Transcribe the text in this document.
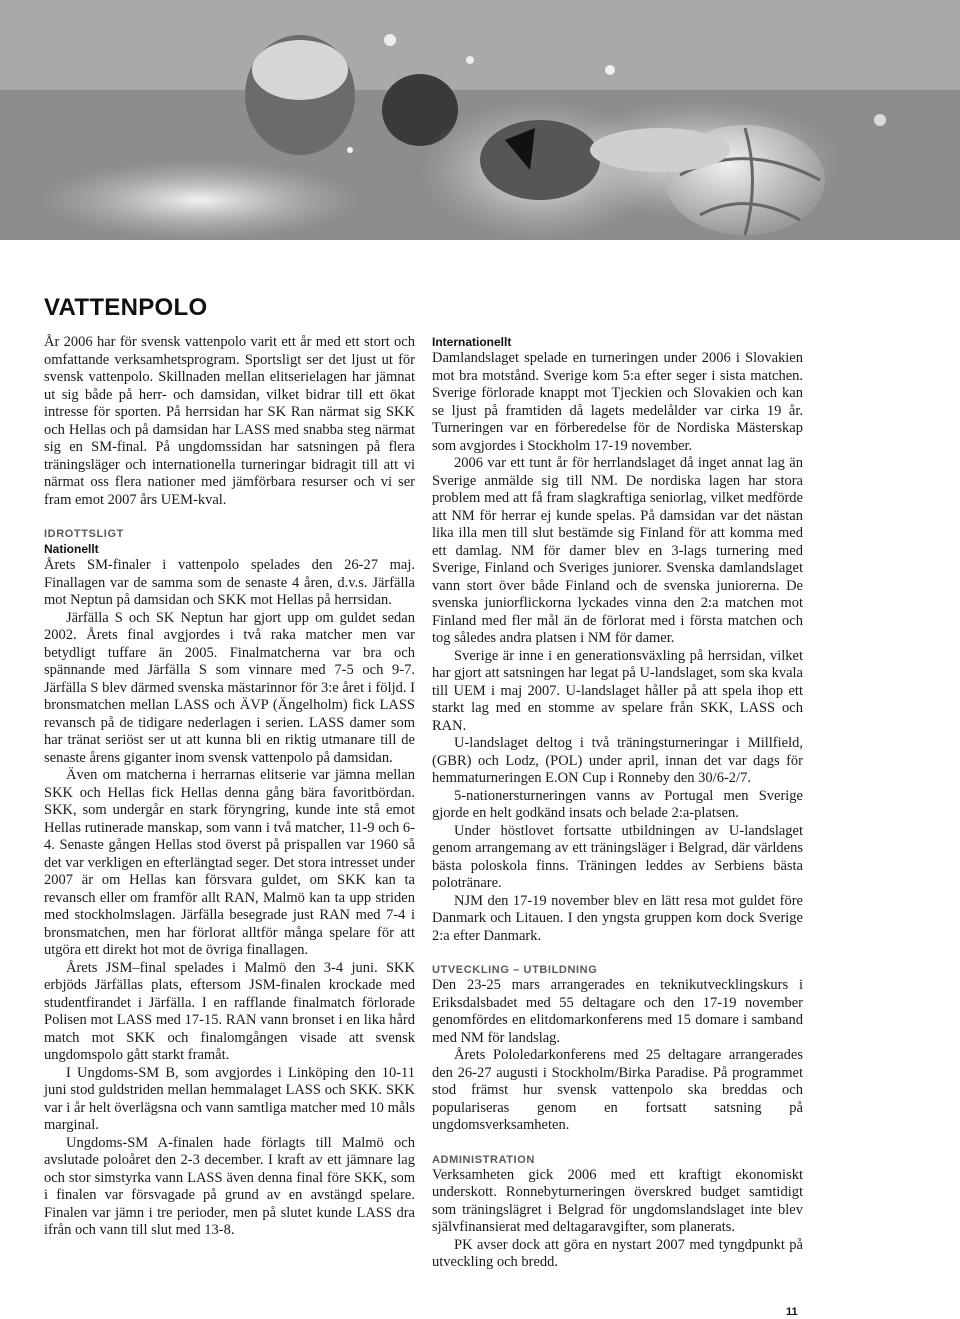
VATTENPOLO

År 2006 har för svensk vattenpolo varit ett år med ett stort och omfattande verksamhetsprogram. Sportsligt ser det ljust ut för svensk vattenpolo. Skillnaden mellan elitserielagen har jämnat ut sig både på herr- och damsidan, vilket bidrar till ett ökat intresse för sporten. På herrsidan har SK Ran närmat sig SKK och Hellas och på damsidan har LASS med snabba steg närmat sig en SM-final. På ungdomssidan har satsningen på flera träningsläger och internationella turneringar bidragit till att vi närmat oss flera nationer med jämförbara resurser och vi ser fram emot 2007 års UEM-kval.

IDROTTSLIGT
Nationellt

Årets SM-finaler i vattenpolo spelades den 26-27 maj. Finallagen var de samma som de senaste 4 åren, d.v.s. Järfälla mot Neptun på damsidan och SKK mot Hellas på herrsidan.

Järfälla S och SK Neptun har gjort upp om guldet sedan 2002. Årets final avgjordes i två raka matcher men var betydligt tuffare än 2005. Finalmatcherna var bra och spännande med Järfälla S som vinnare med 7-5 och 9-7. Järfälla S blev därmed svenska mästarinnor för 3:e året i följd. I bronsmatchen mellan LASS och ÄVP (Ängelholm) fick LASS revansch på de tidigare nederlagen i serien. LASS damer som har tränat seriöst ser ut att kunna bli en riktig utmanare till de senaste årens giganter inom svensk vattenpolo på damsidan.

Även om matcherna i herrarnas elitserie var jämna mellan SKK och Hellas fick Hellas denna gång bära favoritbördan. SKK, som undergår en stark föryngring, kunde inte stå emot Hellas rutinerade manskap, som vann i två matcher, 11-9 och 6-4. Senaste gången Hellas stod överst på prispallen var 1960 så det var verkligen en efterlängtad seger. Det stora intresset under 2007 är om Hellas kan försvara guldet, om SKK kan ta revansch eller om framför allt RAN, Malmö kan ta upp striden med stockholmslagen. Järfälla besegrade just RAN med 7-4 i bronsmatchen, men har förlorat alltför många spelare för att utgöra ett direkt hot mot de övriga finallagen.

Årets JSM–final spelades i Malmö den 3-4 juni. SKK erbjöds Järfällas plats, eftersom JSM-finalen krockade med studentfirandet i Järfälla. I en rafflande finalmatch förlorade Polisen mot LASS med 17-15. RAN vann bronset i en lika hård match mot SKK och finalomgången visade att svensk ungdomspolo gått starkt framåt.

I Ungdoms-SM B, som avgjordes i Linköping den 10-11 juni stod guldstriden mellan hemmalaget LASS och SKK. SKK var i år helt överlägsna och vann samtliga matcher med 10 måls marginal.

Ungdoms-SM A-finalen hade förlagts till Malmö och avslutade poloåret den 2-3 december. I kraft av ett jämnare lag och stor simstyrka vann LASS även denna final före SKK, som i finalen var försvagade på grund av en avstängd spelare. Finalen var jämn i tre perioder, men på slutet kunde LASS dra ifrån och vann till slut med 13-8.

Internationellt

Damlandslaget spelade en turneringen under 2006 i Slovakien mot bra motstånd. Sverige kom 5:a efter seger i sista matchen. Sverige förlorade knappt mot Tjeckien och Slovakien och kan se ljust på framtiden då lagets medelålder var cirka 19 år. Turneringen var en förberedelse för de Nordiska Mästerskap som avgjordes i Stockholm 17-19 november.

2006 var ett tunt år för herrlandslaget då inget annat lag än Sverige anmälde sig till NM. De nordiska lagen har stora problem med att få fram slagkraftiga seniorlag, vilket medförde att NM för herrar ej kunde spelas. På damsidan var det nästan lika illa men till slut bestämde sig Finland för att komma med ett damlag. NM för damer blev en 3-lags turnering med Sverige, Finland och Sveriges juniorer. Svenska damlandslaget vann stort över både Finland och de svenska juniorerna. De svenska juniorflickorna lyckades vinna den 2:a matchen mot Finland med fler mål än de förlorat med i första matchen och tog således andra platsen i NM för damer.

Sverige är inne i en generationsväxling på herrsidan, vilket har gjort att satsningen har legat på U-landslaget, som ska kvala till UEM i maj 2007. U-landslaget håller på att spela ihop ett starkt lag med en stomme av spelare från SKK, LASS och RAN.

U-landslaget deltog i två träningsturneringar i Millfield, (GBR) och Lodz, (POL) under april, innan det var dags för hemmaturneringen E.ON Cup i Ronneby den 30/6-2/7.

5-nationersturneringen vanns av Portugal men Sverige gjorde en helt godkänd insats och belade 2:a-platsen.

Under höstlovet fortsatte utbildningen av U-landslaget genom arrangemang av ett träningsläger i Belgrad, där världens bästa poloskola finns. Träningen leddes av Serbiens bästa polotränare.

NJM den 17-19 november blev en lätt resa mot guldet före Danmark och Litauen. I den yngsta gruppen kom dock Sverige 2:a efter Danmark.

UTVECKLING – UTBILDNING

Den 23-25 mars arrangerades en teknikutvecklingskurs i Eriksdalsbadet med 55 deltagare och den 17-19 november genomfördes en elitdomarkonferens med 15 domare i samband med NM för landslag.

Årets Pololedarkonferens med 25 deltagare arrangerades den 26-27 augusti i Stockholm/Birka Paradise. På programmet stod främst hur svensk vattenpolo ska breddas och populariseras genom en fortsatt satsning på ungdomsverksamheten.

ADMINISTRATION

Verksamheten gick 2006 med ett kraftigt ekonomiskt underskott. Ronnebyturneringen överskred budget samtidigt som träningslägret i Belgrad för ungdomslandslaget inte blev självfinansierat med deltagaravgifter, som planerats.

PK avser dock att göra en nystart 2007 med tyngdpunkt på utveckling och bredd.

11
